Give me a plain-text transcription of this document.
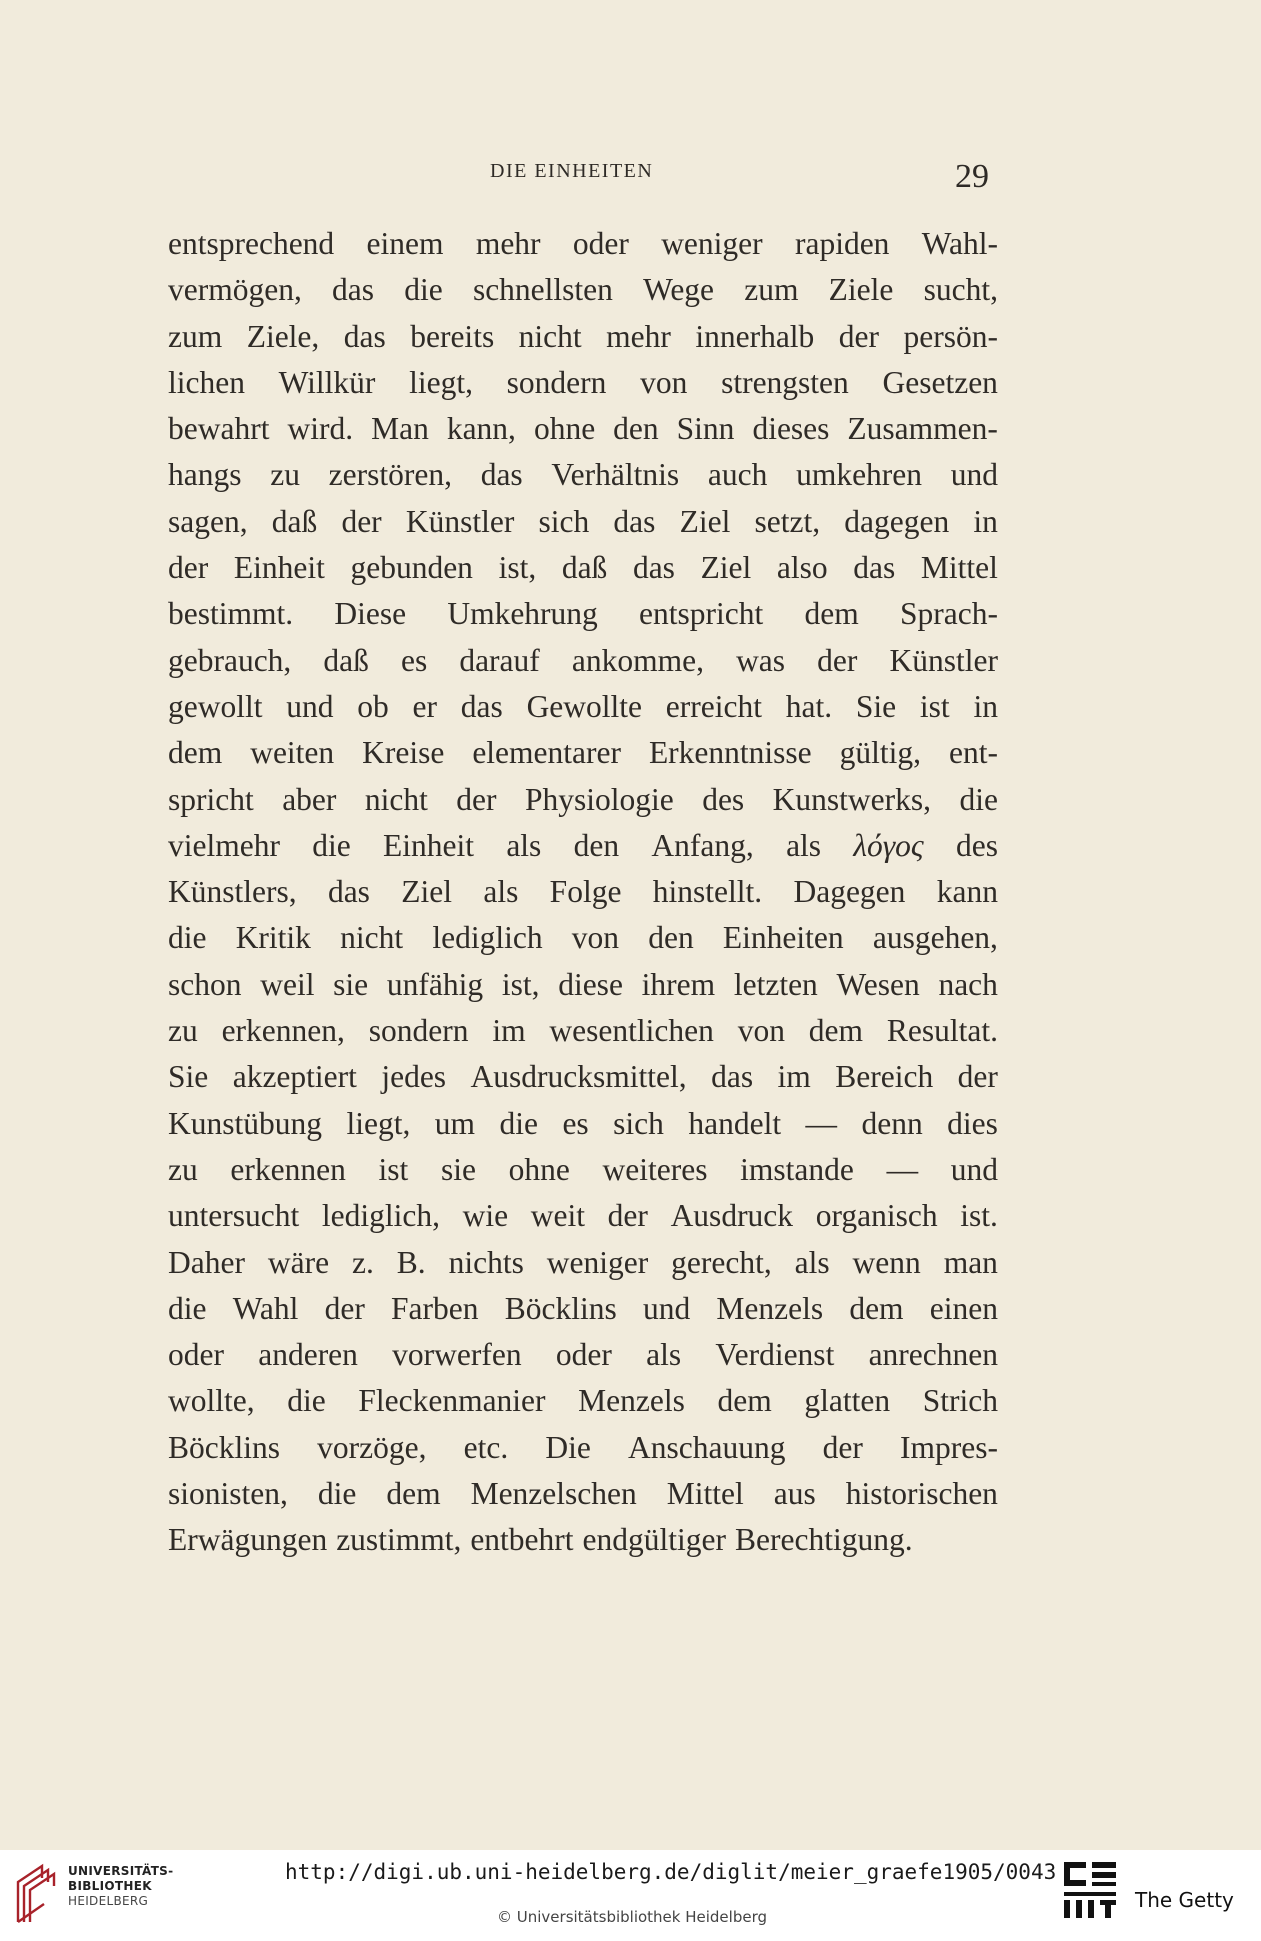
DIE EINHEITEN	29
entsprechend einem mehr oder weniger rapiden Wahl-
vermögen, das die schnellsten Wege zum Ziele sucht,
zum Ziele, das bereits nicht mehr innerhalb der persön-
lichen Willkür liegt, sondern von strengsten Gesetzen
bewahrt wird. Man kann, ohne den Sinn dieses Zusammen-
hangs zu zerstören, das Verhältnis auch umkehren und
sagen, daß der Künstler sich das Ziel setzt, dagegen in
der Einheit gebunden ist, daß das Ziel also das Mittel
bestimmt. Diese Umkehrung entspricht dem Sprach-
gebrauch, daß es darauf ankomme, was der Künstler
gewollt und ob er das Gewollte erreicht hat. Sie ist in
dem weiten Kreise elementarer Erkenntnisse gültig, ent-
spricht aber nicht der Physiologie des Kunstwerks, die
vielmehr die Einheit als den Anfang, als λόγος des
Künstlers, das Ziel als Folge hinstellt. Dagegen kann
die Kritik nicht lediglich von den Einheiten ausgehen,
schon weil sie unfähig ist, diese ihrem letzten Wesen nach
zu erkennen, sondern im wesentlichen von dem Resultat.
Sie akzeptiert jedes Ausdrucksmittel, das im Bereich der
Kunstübung liegt, um die es sich handelt — denn dies
zu erkennen ist sie ohne weiteres imstande — und
untersucht lediglich, wie weit der Ausdruck organisch ist.
Daher wäre z. B. nichts weniger gerecht, als wenn man
die Wahl der Farben Böcklins und Menzels dem einen
oder anderen vorwerfen oder als Verdienst anrechnen
wollte, die Fleckenmanier Menzels dem glatten Strich
Böcklins vorzöge, etc. Die Anschauung der Impres-
sionisten, die dem Menzelschen Mittel aus historischen
Erwägungen zustimmt, entbehrt endgültiger Berechtigung.
UNIVERSITÄTS-
BIBLIOTHEK
HEIDELBERG
http://digi.ub.uni-heidelberg.de/diglit/meier_graefe1905/0043
© Universitätsbibliothek Heidelberg
The Getty
